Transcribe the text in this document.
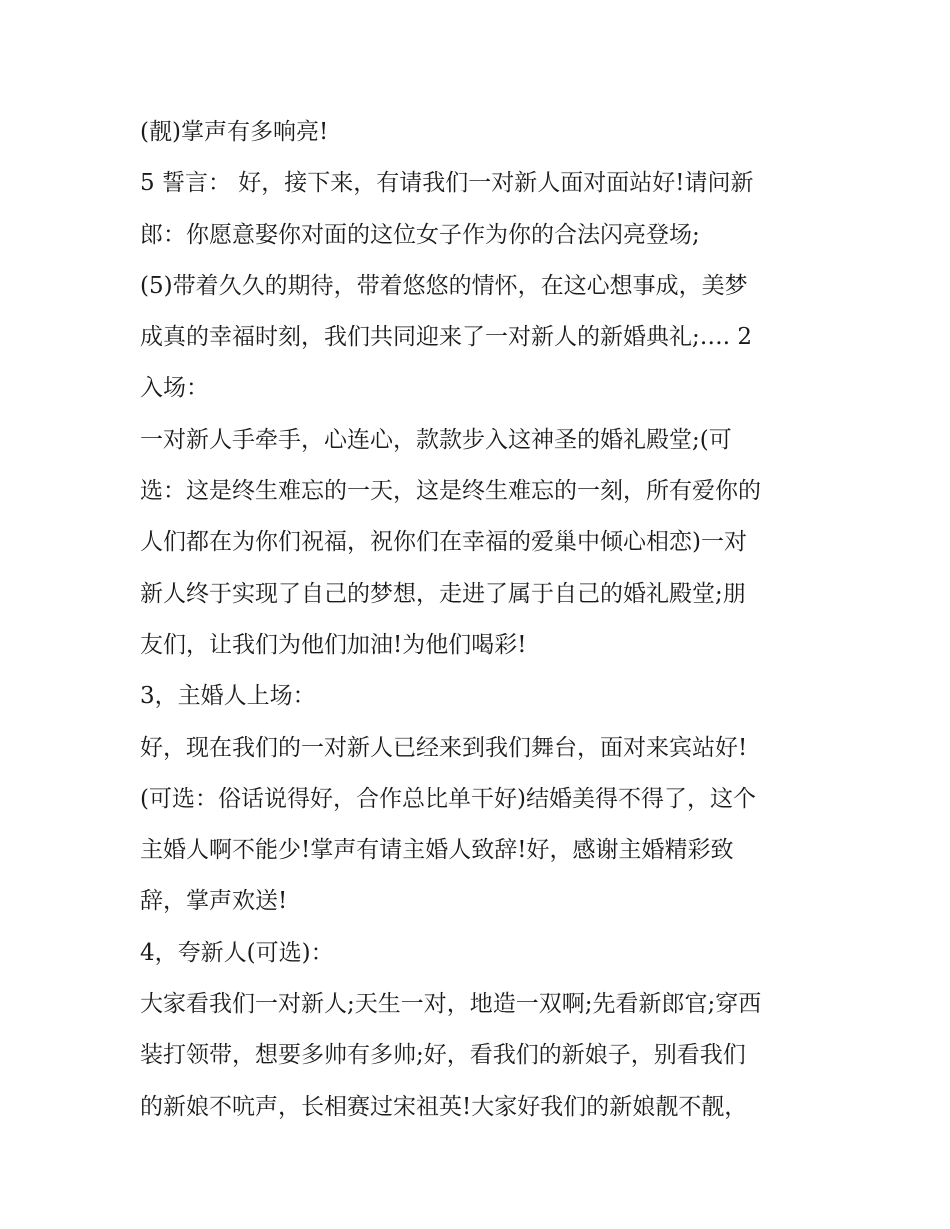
(靓)掌声有多响亮!
5 誓言： 好，接下来，有请我们一对新人面对面站好!请问新
郎：你愿意娶你对面的这位女子作为你的合法闪亮登场;
(5)带着久久的期待，带着悠悠的情怀，在这心想事成，美梦
成真的幸福时刻，我们共同迎来了一对新人的新婚典礼;…. 2
入场：
一对新人手牵手，心连心，款款步入这神圣的婚礼殿堂;(可
选：这是终生难忘的一天，这是终生难忘的一刻，所有爱你的
人们都在为你们祝福，祝你们在幸福的爱巢中倾心相恋)一对
新人终于实现了自己的梦想，走进了属于自己的婚礼殿堂;朋
友们，让我们为他们加油!为他们喝彩!
3，主婚人上场：
好，现在我们的一对新人已经来到我们舞台，面对来宾站好!
(可选：俗话说得好，合作总比单干好)结婚美得不得了，这个
主婚人啊不能少!掌声有请主婚人致辞!好，感谢主婚精彩致
辞，掌声欢送!
4，夸新人(可选)：
大家看我们一对新人;天生一对，地造一双啊;先看新郎官;穿西
装打领带，想要多帅有多帅;好，看我们的新娘子，别看我们
的新娘不吭声，长相赛过宋祖英!大家好我们的新娘靓不靓，
